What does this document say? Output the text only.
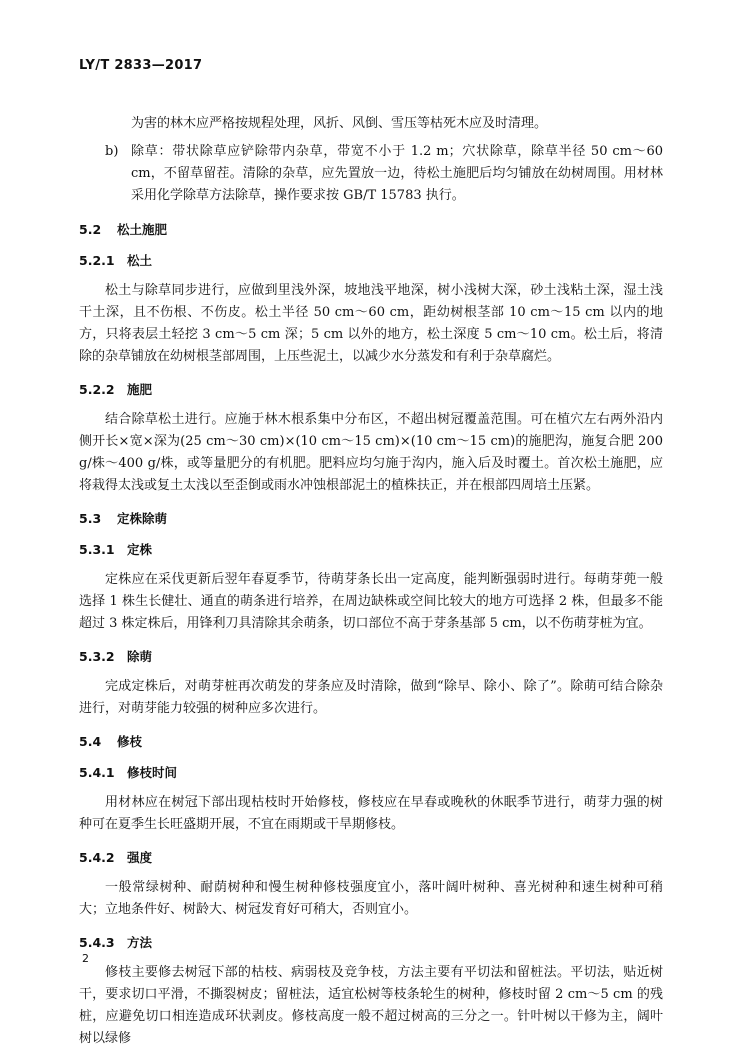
LY/T 2833—2017

为害的林木应严格按规程处理，风折、风倒、雪压等枯死木应及时清理。

b) 除草：带状除草应铲除带内杂草，带宽不小于 1.2 m；穴状除草，除草半径 50 cm～60 cm，不留草留茬。清除的杂草，应先置放一边，待松土施肥后均匀铺放在幼树周围。用材林采用化学除草方法除草，操作要求按 GB/T 15783 执行。

5.2 松土施肥

5.2.1 松土

松土与除草同步进行，应做到里浅外深，坡地浅平地深，树小浅树大深，砂土浅粘土深，湿土浅干土深，且不伤根、不伤皮。松土半径 50 cm～60 cm，距幼树根茎部 10 cm～15 cm 以内的地方，只将表层土轻挖 3 cm～5 cm 深；5 cm 以外的地方，松土深度 5 cm～10 cm。松土后，将清除的杂草铺放在幼树根茎部周围，上压些泥土，以减少水分蒸发和有利于杂草腐烂。

5.2.2 施肥

结合除草松土进行。应施于林木根系集中分布区，不超出树冠覆盖范围。可在植穴左右两外沿内侧开长×宽×深为(25 cm～30 cm)×(10 cm～15 cm)×(10 cm～15 cm)的施肥沟，施复合肥 200 g/株～400 g/株，或等量肥分的有机肥。肥料应均匀施于沟内，施入后及时覆土。首次松土施肥，应将栽得太浅或复土太浅以至歪倒或雨水冲蚀根部泥土的植株扶正，并在根部四周培土压紧。

5.3 定株除萌

5.3.1 定株

定株应在采伐更新后翌年春夏季节，待萌芽条长出一定高度，能判断强弱时进行。每萌芽蔸一般选择 1 株生长健壮、通直的萌条进行培养，在周边缺株或空间比较大的地方可选择 2 株，但最多不能超过 3 株定株后，用锋利刀具清除其余萌条，切口部位不高于芽条基部 5 cm，以不伤萌芽桩为宜。

5.3.2 除萌

完成定株后，对萌芽桩再次萌发的芽条应及时清除，做到“除早、除小、除了”。除萌可结合除杂进行，对萌芽能力较强的树种应多次进行。

5.4 修枝

5.4.1 修枝时间

用材林应在树冠下部出现枯枝时开始修枝，修枝应在早春或晚秋的休眠季节进行，萌芽力强的树种可在夏季生长旺盛期开展，不宜在雨期或干旱期修枝。

5.4.2 强度

一般常绿树种、耐荫树种和慢生树种修枝强度宜小，落叶阔叶树种、喜光树种和速生树种可稍大；立地条件好、树龄大、树冠发育好可稍大，否则宜小。

5.4.3 方法

修枝主要修去树冠下部的枯枝、病弱枝及竞争枝，方法主要有平切法和留桩法。平切法，贴近树干，要求切口平滑，不撕裂树皮；留桩法，适宜松树等枝条轮生的树种，修枝时留 2 cm～5 cm 的残桩，应避免切口相连造成环状剥皮。修枝高度一般不超过树高的三分之一。针叶树以干修为主，阔叶树以绿修

2
